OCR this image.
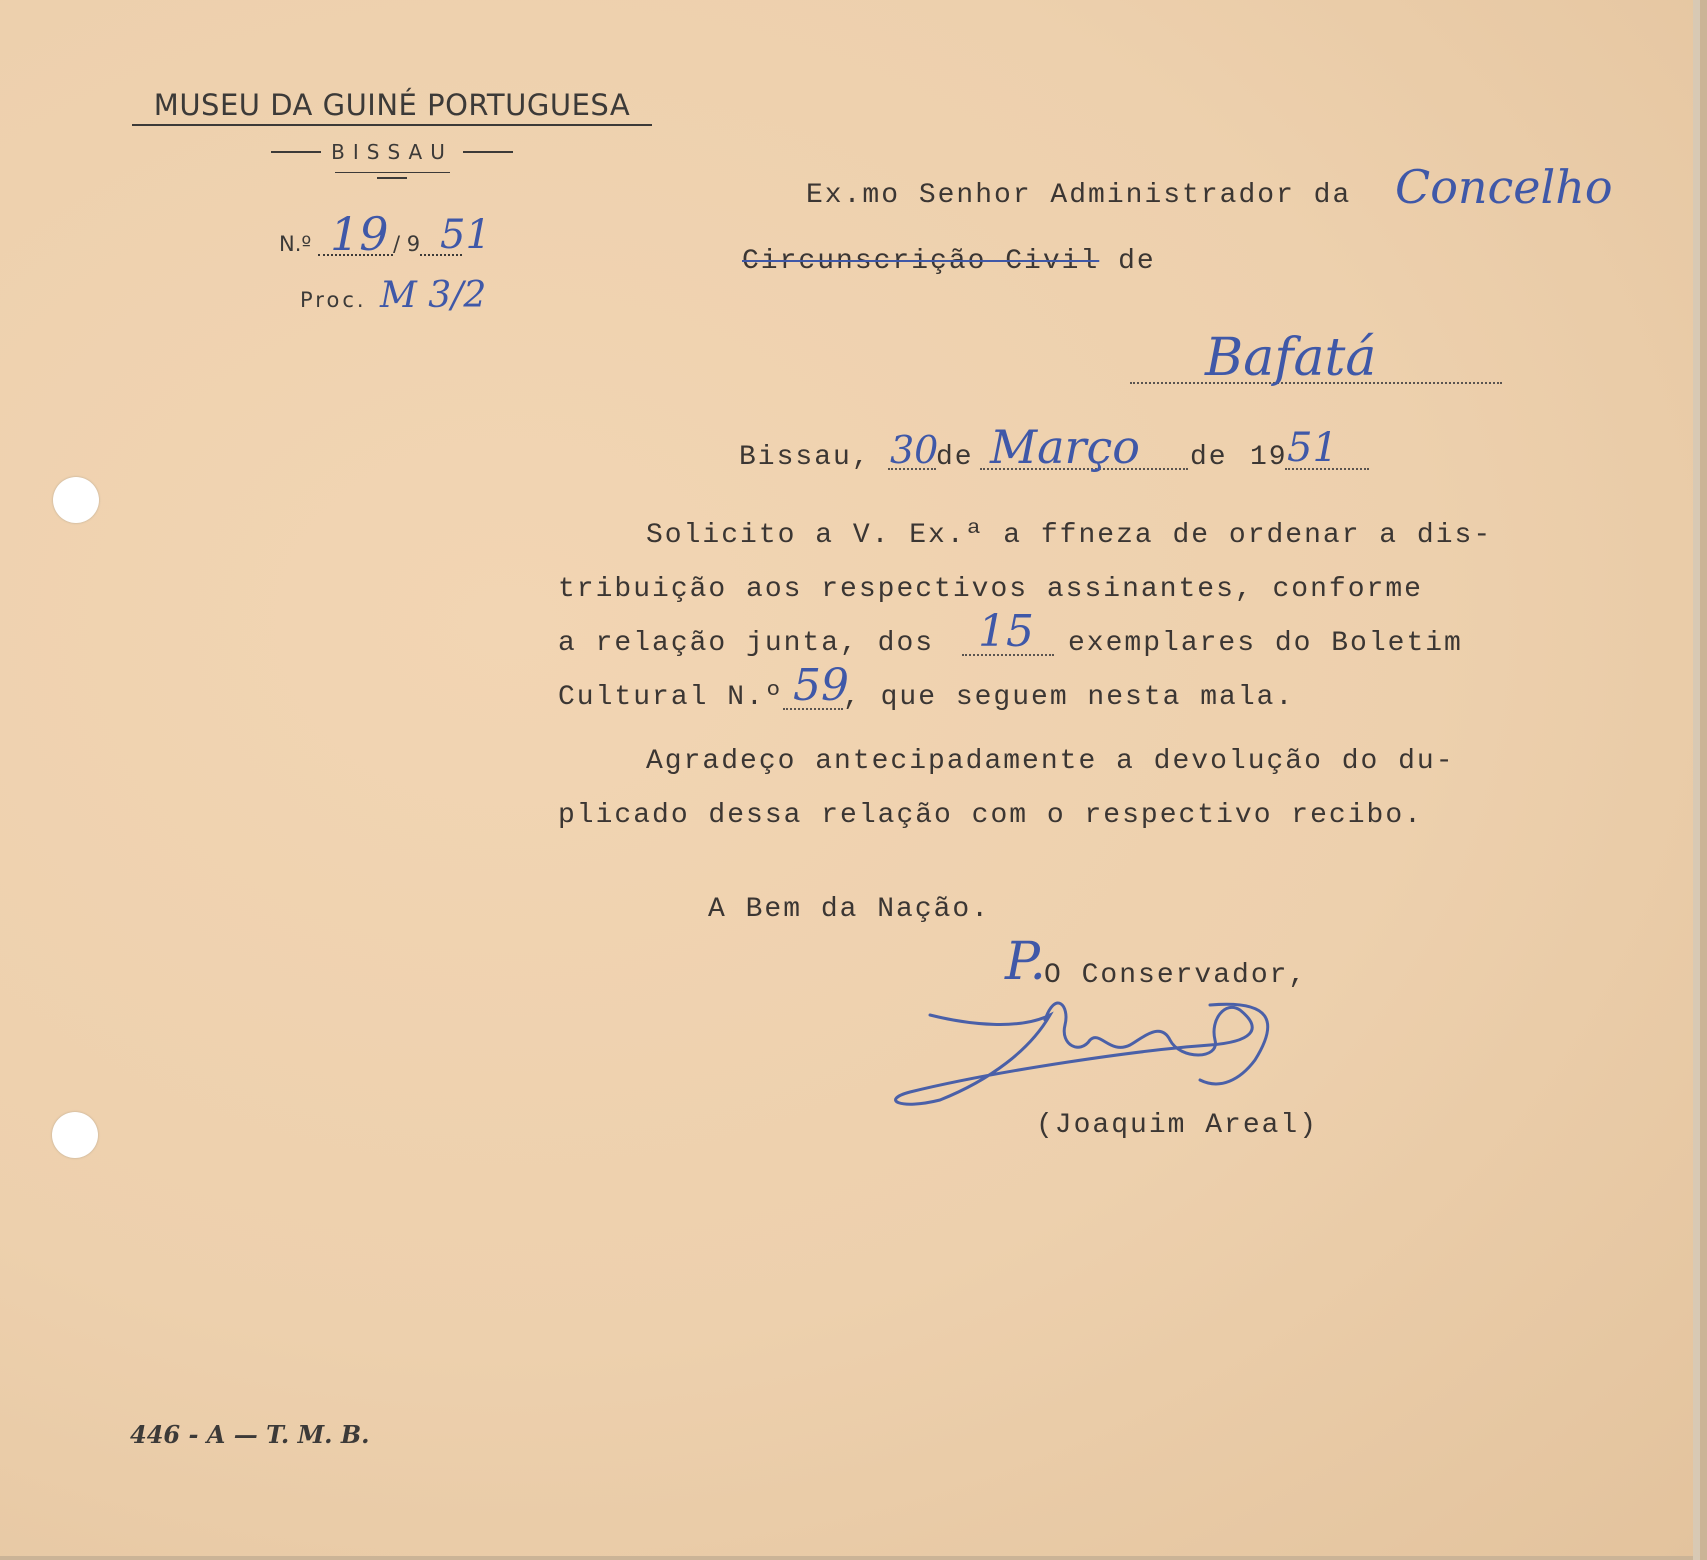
MUSEU DA GUINÉ PORTUGUESA
BISSAU
N.º	/ 9
19 51
Proc. M 3/2
Ex.mo Senhor Administrador da Concelho
Circunscrição Civil de
Bafatá
Bissau, 30
de Março de 19 51
Solicito a V. Ex.ª a ffneza de ordenar a dis-
tribuição aos respectivos assinantes, conforme
a relação junta, dos 15 exemplares do Boletim
Cultural N.º 59
, que seguem nesta mala.
Agradeço antecipadamente a devolução do du-
plicado dessa relação com o respectivo recibo.
A Bem da Nação.
P.
O Conservador,
(Joaquim Areal)
446 - A — T. M. B.
